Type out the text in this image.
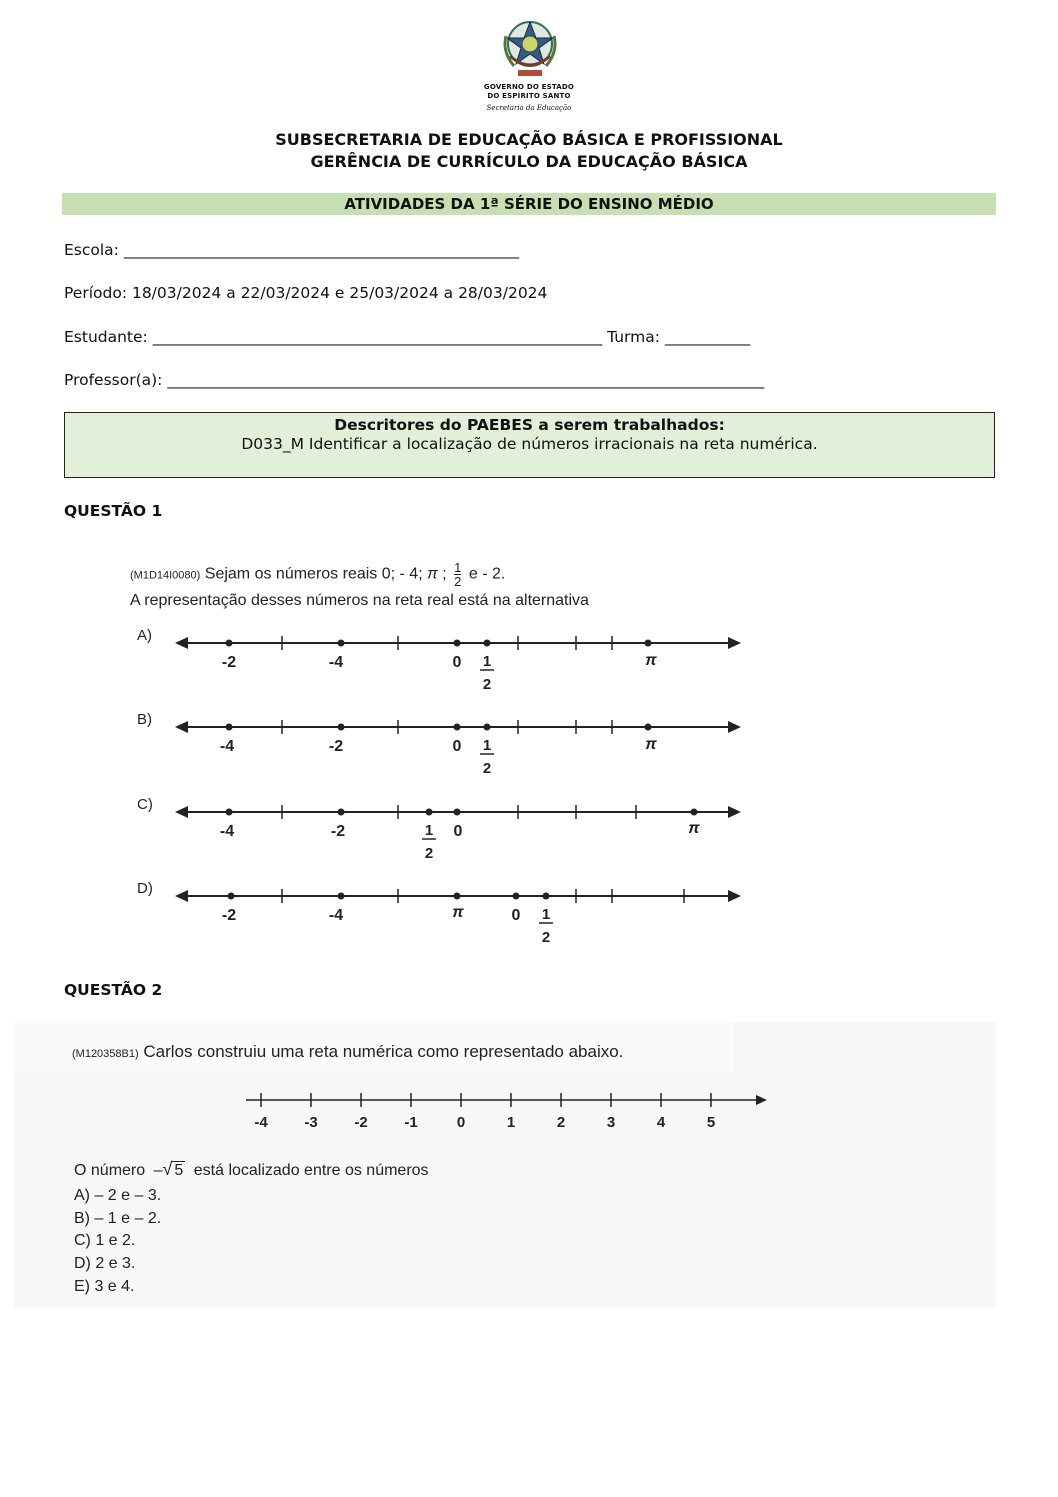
GOVERNO DO ESTADO
DO ESPÍRITO SANTO
Secretaria da Educação
SUBSECRETARIA DE EDUCAÇÃO BÁSICA E PROFISSIONAL
GERÊNCIA DE CURRÍCULO DA EDUCAÇÃO BÁSICA
ATIVIDADES DA 1ª SÉRIE DO ENSINO MÉDIO
Escola: ___________________________________________________
Período: 18/03/2024 a 22/03/2024 e 25/03/2024 a 28/03/2024
Estudante: __________________________________________________________ Turma: ___________
Professor(a): _____________________________________________________________________________
Descritores do PAEBES a serem trabalhados:
D033_M Identificar a localização de números irracionais na reta numérica.
QUESTÃO 1
(M1D14I0080) Sejam os números reais 0; - 4; π ; $\frac{1}{2}$ e - 2.
A representação desses números na reta real está na alternativa
A)
B)
C)
D)
-2	-4	0 1
2
π
-4	-2	0 1
2
π
-4	-2	1
2
0	π
-2	-4	π	0 1
2
QUESTÃO 2
(M120358B1) Carlos construiu uma reta numérica como representado abaixo.
-4 -3 -2 -1	0	1	2	3	4	5
O número –√ 5 está localizado entre os números
A) – 2 e – 3.
B) – 1 e – 2.
C) 1 e 2.
D) 2 e 3.
E) 3 e 4.
